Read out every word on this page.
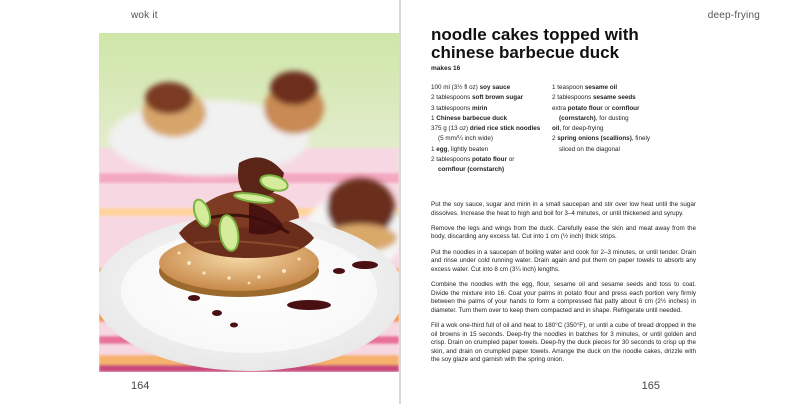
wok it
164
deep-frying
noodle cakes topped with
chinese barbecue duck
makes 16
100 ml (3½ fl oz) soy sauce
2 tablespoons soft brown sugar
3 tablespoons mirin
1 Chinese barbecue duck
375 g (13 oz) dried rice stick noodles
(5 mm/¼ inch wide)
1 egg, lightly beaten
2 tablespoons potato flour or
cornflour (cornstarch)
1 teaspoon sesame oil
2 tablespoons sesame seeds
extra potato flour or cornflour
(cornstarch), for dusting
oil, for deep-frying
2 spring onions (scallions), finely
sliced on the diagonal

Put the soy sauce, sugar and mirin in a small saucepan and stir over low heat until the sugar dissolves. Increase the heat to high and boil for 3–4 minutes, or until thickened and syrupy.

Remove the legs and wings from the duck. Carefully ease the skin and meat away from the body, discarding any excess fat. Cut into 1 cm (½ inch) thick strips.

Put the noodles in a saucepan of boiling water and cook for 2–3 minutes, or until tender. Drain and rinse under cold running water. Drain again and put them on paper towels to absorb any excess water. Cut into 8 cm (3¼ inch) lengths.

Combine the noodles with the egg, flour, sesame oil and sesame seeds and toss to coat. Divide the mixture into 16. Coat your palms in potato flour and press each portion very firmly between the palms of your hands to form a compressed flat patty about 6 cm (2½ inches) in diameter. Turn them over to keep them compacted and in shape. Refrigerate until needed.

Fill a wok one-third full of oil and heat to 180°C (350°F), or until a cube of bread dropped in the oil browns in 15 seconds. Deep-fry the noodles in batches for 3 minutes, or until golden and crisp. Drain on crumpled paper towels. Deep-fry the duck pieces for 30 seconds to crisp up the skin, and drain on crumpled paper towels. Arrange the duck on the noodle cakes, drizzle with the soy glaze and garnish with the spring onion.

165
